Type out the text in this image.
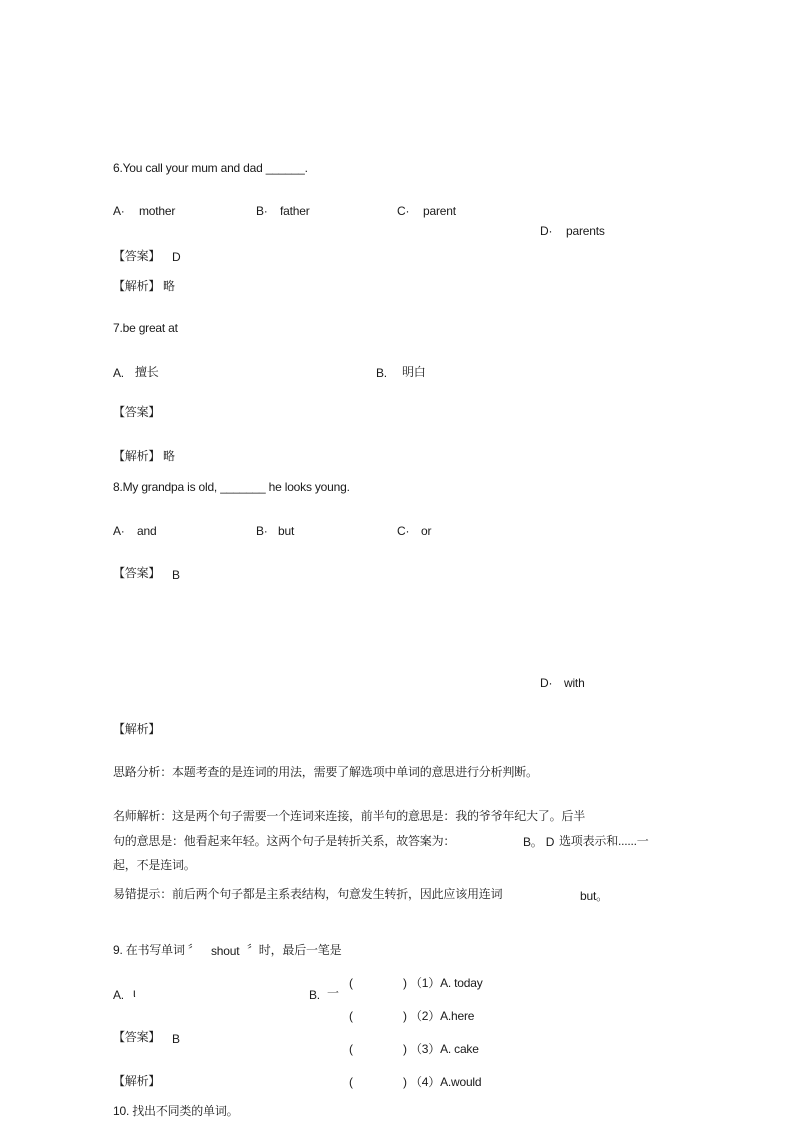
6.You call your mum and dad ______.
A· mother	B· father	C· parent
D· parents
【答案】 D
【解析】 略
7.be great at
A. 擅长	B. 明白
【答案】
【解析】 略
8.My grandpa is old, _______ he looks young.
A· and	B· but	C· or
【答案】 B
D· with
【解析】
思路分析：本题考查的是连词的用法，需要了解选项中单词的意思进行分析判断。
名师解析：这是两个句子需要一个连词来连接，前半句的意思是：我的爷爷年纪大了。后半
句的意思是：他看起来年轻。这两个句子是转折关系，故答案为：	B。 D 选项表示和......一
起，不是连词。
易错提示：前后两个句子都是主系表结构，句意发生转折，因此应该用连词	but。
9. 在书写单词 〞 shout 〞时，最后一笔是
A. ι	B. 一
【答案】 B
【解析】
(	) （1）A. today
(	) （2）A.here
(	) （3）A. cake
(	) （4）A.would
10. 找出不同类的单词。
